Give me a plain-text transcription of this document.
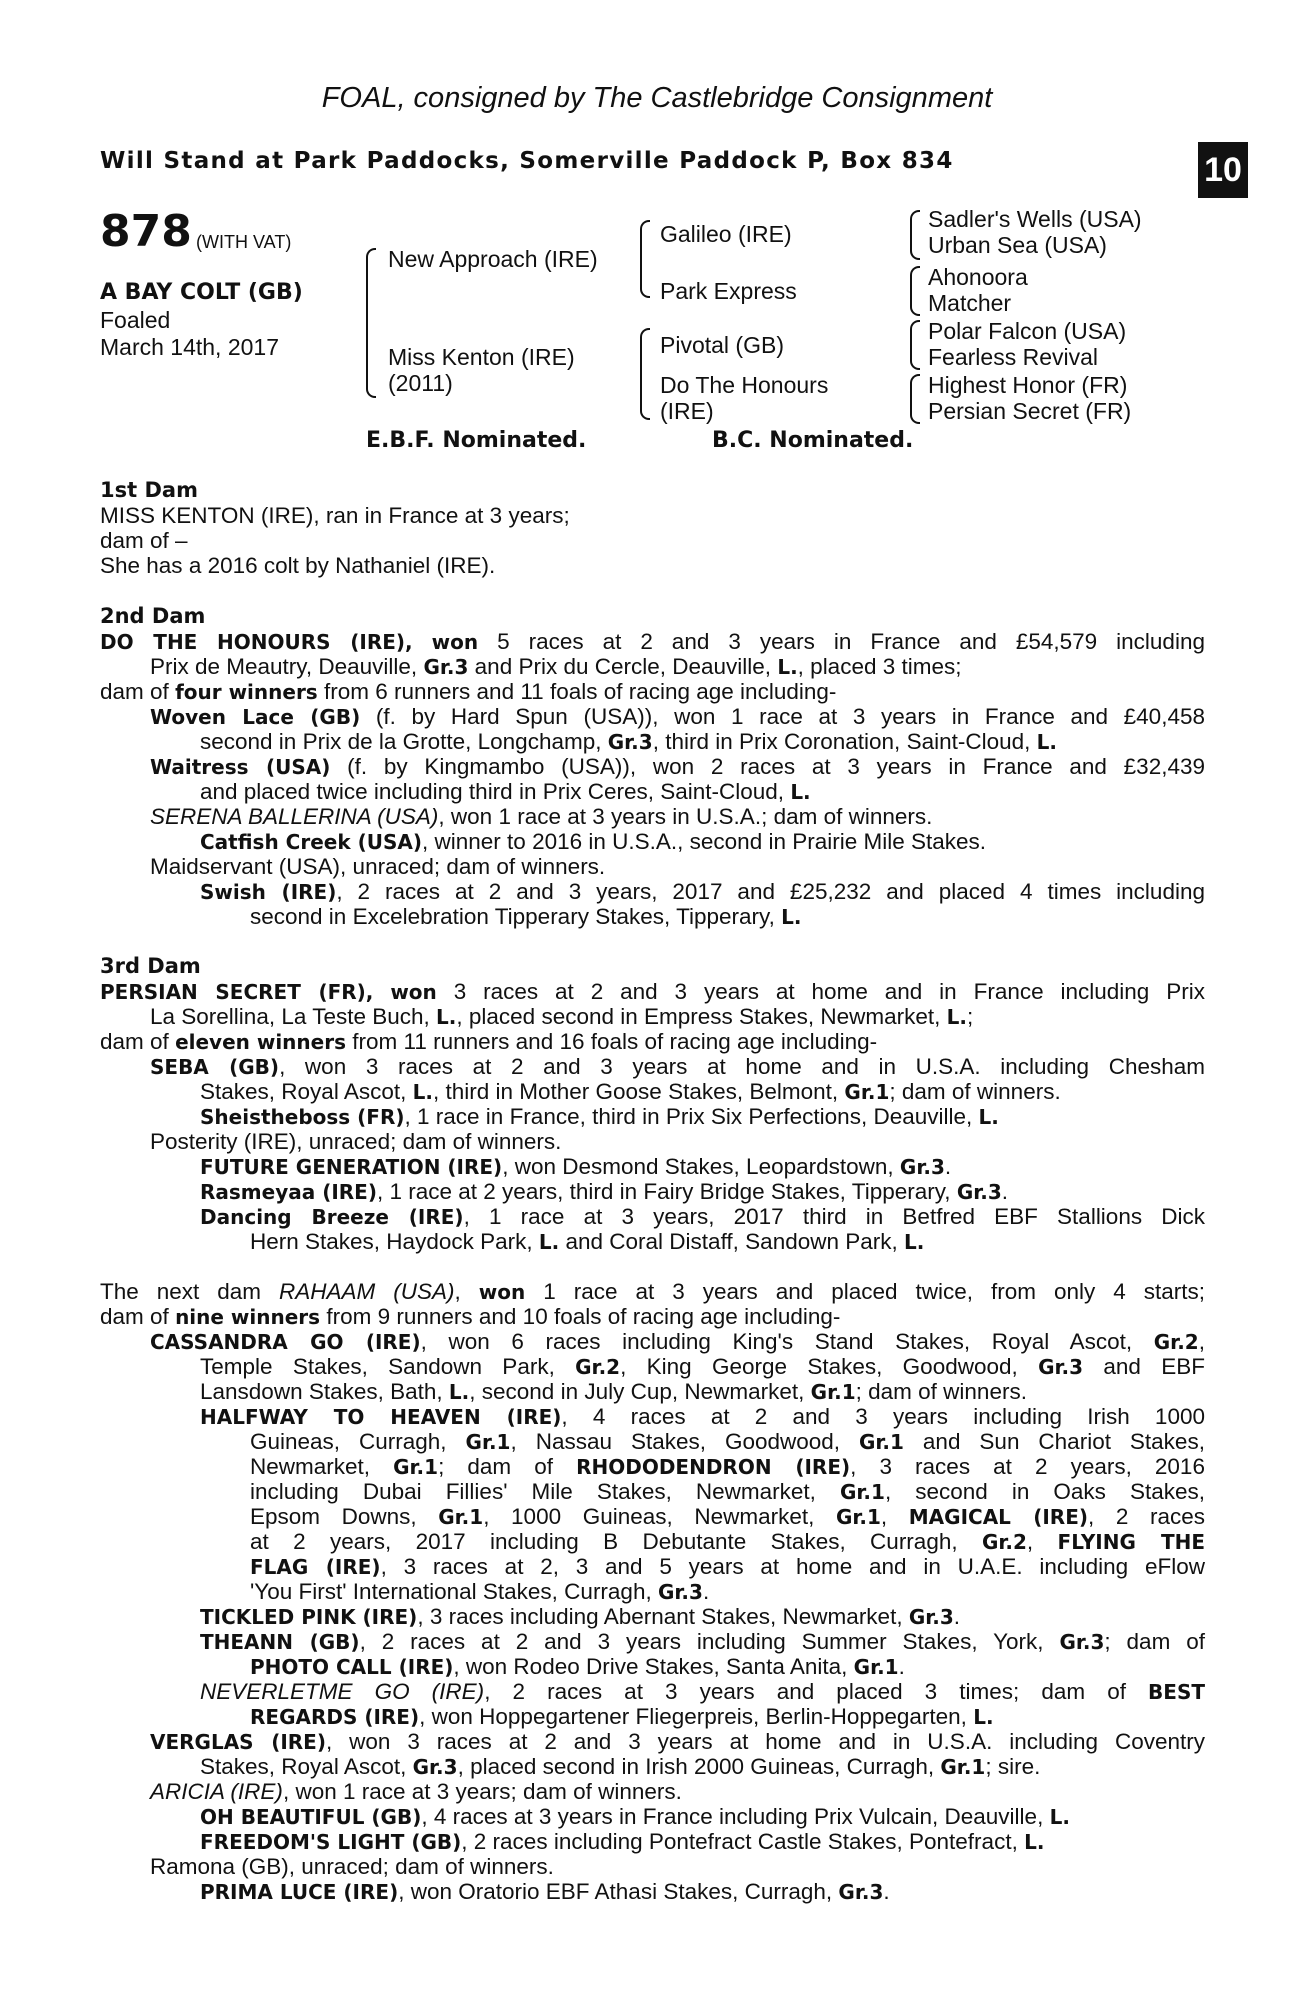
FOAL, consigned by The Castlebridge Consignment
Will Stand at Park Paddocks, Somerville Paddock P, Box 834	10
878 (WITH VAT)
A BAY COLT (GB)
Foaled
March 14th, 2017
New Approach (IRE)
Miss Kenton (IRE)
(2011)
Galileo (IRE)
Park Express
Pivotal (GB)
Do The Honours
(IRE)
Sadler's Wells (USA)
Urban Sea (USA)
Ahonoora
Matcher
Polar Falcon (USA)
Fearless Revival
Highest Honor (FR)
Persian Secret (FR)
E.B.F. Nominated.	B.C. Nominated.
1st Dam
MISS KENTON (IRE), ran in France at 3 years;
dam of –
She has a 2016 colt by Nathaniel (IRE).
2nd Dam
DO THE HONOURS (IRE), won 5 races at 2 and 3 years in France and £54,579 including
Prix de Meautry, Deauville, Gr.3 and Prix du Cercle, Deauville, L., placed 3 times;
dam of four winners from 6 runners and 11 foals of racing age including-
Woven Lace (GB) (f. by Hard Spun (USA)), won 1 race at 3 years in France and £40,458
second in Prix de la Grotte, Longchamp, Gr.3, third in Prix Coronation, Saint-Cloud, L.
Waitress (USA) (f. by Kingmambo (USA)), won 2 races at 3 years in France and £32,439
and placed twice including third in Prix Ceres, Saint-Cloud, L.
SERENA BALLERINA (USA), won 1 race at 3 years in U.S.A.; dam of winners.
Catfish Creek (USA), winner to 2016 in U.S.A., second in Prairie Mile Stakes.
Maidservant (USA), unraced; dam of winners.
Swish (IRE), 2 races at 2 and 3 years, 2017 and £25,232 and placed 4 times including
second in Excelebration Tipperary Stakes, Tipperary, L.
3rd Dam
PERSIAN SECRET (FR), won 3 races at 2 and 3 years at home and in France including Prix
La Sorellina, La Teste Buch, L., placed second in Empress Stakes, Newmarket, L.;
dam of eleven winners from 11 runners and 16 foals of racing age including-
SEBA (GB), won 3 races at 2 and 3 years at home and in U.S.A. including Chesham
Stakes, Royal Ascot, L., third in Mother Goose Stakes, Belmont, Gr.1; dam of winners.
Sheistheboss (FR), 1 race in France, third in Prix Six Perfections, Deauville, L.
Posterity (IRE), unraced; dam of winners.
FUTURE GENERATION (IRE), won Desmond Stakes, Leopardstown, Gr.3.
Rasmeyaa (IRE), 1 race at 2 years, third in Fairy Bridge Stakes, Tipperary, Gr.3.
Dancing Breeze (IRE), 1 race at 3 years, 2017 third in Betfred EBF Stallions Dick
Hern Stakes, Haydock Park, L. and Coral Distaff, Sandown Park, L.
The next dam RAHAAM (USA), won 1 race at 3 years and placed twice, from only 4 starts;
dam of nine winners from 9 runners and 10 foals of racing age including-
CASSANDRA GO (IRE), won 6 races including King's Stand Stakes, Royal Ascot, Gr.2,
Temple Stakes, Sandown Park, Gr.2, King George Stakes, Goodwood, Gr.3 and EBF
Lansdown Stakes, Bath, L., second in July Cup, Newmarket, Gr.1; dam of winners.
HALFWAY TO HEAVEN (IRE), 4 races at 2 and 3 years including Irish 1000
Guineas, Curragh, Gr.1, Nassau Stakes, Goodwood, Gr.1 and Sun Chariot Stakes,
Newmarket, Gr.1; dam of RHODODENDRON (IRE), 3 races at 2 years, 2016
including Dubai Fillies' Mile Stakes, Newmarket, Gr.1, second in Oaks Stakes,
Epsom Downs, Gr.1, 1000 Guineas, Newmarket, Gr.1, MAGICAL (IRE), 2 races
at 2 years, 2017 including B Debutante Stakes, Curragh, Gr.2, FLYING THE
FLAG (IRE), 3 races at 2, 3 and 5 years at home and in U.A.E. including eFlow
'You First' International Stakes, Curragh, Gr.3.
TICKLED PINK (IRE), 3 races including Abernant Stakes, Newmarket, Gr.3.
THEANN (GB), 2 races at 2 and 3 years including Summer Stakes, York, Gr.3; dam of
PHOTO CALL (IRE), won Rodeo Drive Stakes, Santa Anita, Gr.1.
NEVERLETME GO (IRE), 2 races at 3 years and placed 3 times; dam of BEST
REGARDS (IRE), won Hoppegartener Fliegerpreis, Berlin-Hoppegarten, L.
VERGLAS (IRE), won 3 races at 2 and 3 years at home and in U.S.A. including Coventry
Stakes, Royal Ascot, Gr.3, placed second in Irish 2000 Guineas, Curragh, Gr.1; sire.
ARICIA (IRE), won 1 race at 3 years; dam of winners.
OH BEAUTIFUL (GB), 4 races at 3 years in France including Prix Vulcain, Deauville, L.
FREEDOM'S LIGHT (GB), 2 races including Pontefract Castle Stakes, Pontefract, L.
Ramona (GB), unraced; dam of winners.
PRIMA LUCE (IRE), won Oratorio EBF Athasi Stakes, Curragh, Gr.3.
